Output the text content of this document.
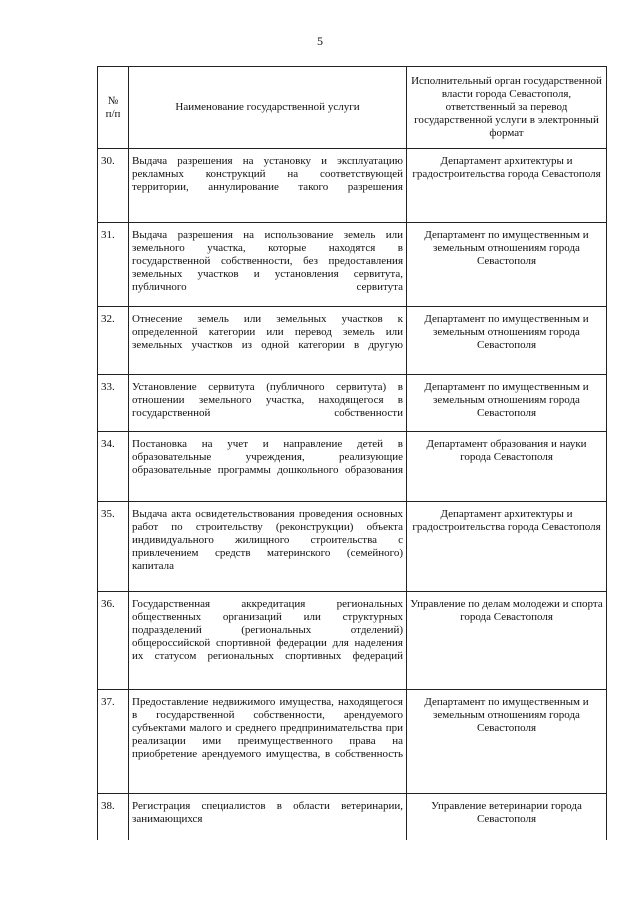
5
№
п/п	Наименование государственной услуги	Исполнительный орган государственной власти города Севастополя, ответственный за перевод государственной услуги в электронный формат
30.	Выдача разрешения на установку и эксплуатацию рекламных конструкций на соответствующей территории, аннулирование такого разрешения	Департамент архитектуры и градостроительства города Севастополя
31.	Выдача разрешения на использование земель или земельного участка, которые находятся в государственной собственности, без предоставления земельных участков и установления сервитута, публичного сервитута	Департамент по имущественным и земельным отношениям города Севастополя
32.	Отнесение земель или земельных участков к определенной категории или перевод земель или земельных участков из одной категории в другую	Департамент по имущественным и земельным отношениям города Севастополя
33.	Установление сервитута (публичного сервитута) в отношении земельного участка, находящегося в государственной собственности	Департамент по имущественным и земельным отношениям города Севастополя
34.	Постановка на учет и направление детей в образовательные учреждения, реализующие образовательные программы дошкольного образования	Департамент образования и науки города Севастополя
35.	Выдача акта освидетельствования проведения основных работ по строительству (реконструкции) объекта индивидуального жилищного строительства с привлечением средств материнского (семейного) капитала	Департамент архитектуры и градостроительства города Севастополя
36.	Государственная аккредитация региональных общественных организаций или структурных подразделений (региональных отделений) общероссийской спортивной федерации для наделения их статусом региональных спортивных федераций	Управление по делам молодежи и спорта города Севастополя
37.	Предоставление недвижимого имущества, находящегося в государственной собственности, арендуемого субъектами малого и среднего предпринимательства при реализации ими преимущественного права на приобретение арендуемого имущества, в собственность	Департамент по имущественным и земельным отношениям города Севастополя
38.	Регистрация специалистов в области ветеринарии, занимающихся	Управление ветеринарии города Севастополя
